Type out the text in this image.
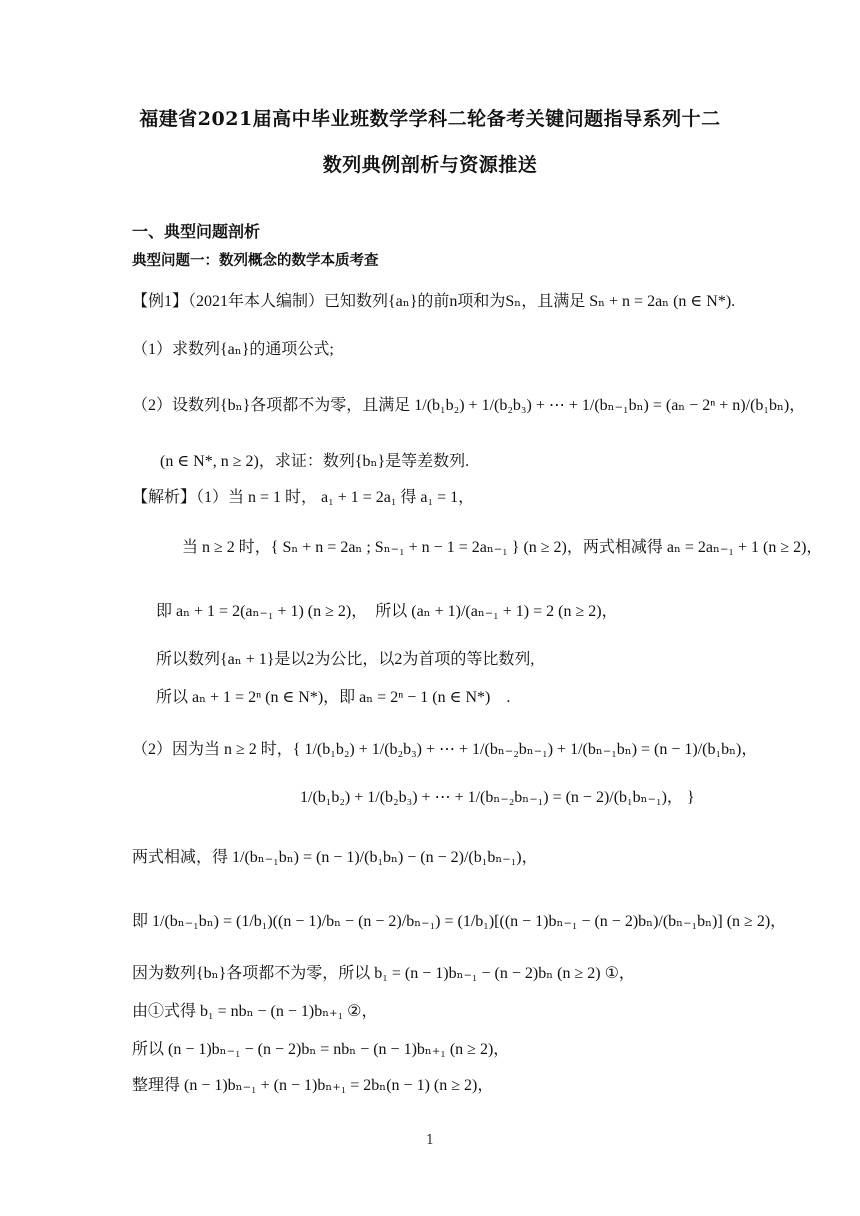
福建省2021届高中毕业班数学学科二轮备考关键问题指导系列十二
数列典例剖析与资源推送
一、典型问题剖析
典型问题一：数列概念的数学本质考查
【例1】（2021年本人编制）已知数列{aₙ}的前n项和为Sₙ，且满足 Sₙ + n = 2aₙ (n ∈ N*).
（1）求数列{aₙ}的通项公式;
（2）设数列{bₙ}各项都不为零，且满足 1/(b₁b₂) + 1/(b₂b₃) + ⋯ + 1/(bₙ₋₁bₙ) = (aₙ − 2ⁿ + n)/(b₁bₙ)，
(n ∈ N*, n ≥ 2)，求证：数列{bₙ}是等差数列.
【解析】（1）当 n = 1 时， a₁ + 1 = 2a₁ 得 a₁ = 1，
当 n ≥ 2 时，{ Sₙ + n = 2aₙ ; Sₙ₋₁ + n − 1 = 2aₙ₋₁ } (n ≥ 2)，两式相减得 aₙ = 2aₙ₋₁ + 1 (n ≥ 2)，
即 aₙ + 1 = 2(aₙ₋₁ + 1) (n ≥ 2)，　所以 (aₙ + 1)/(aₙ₋₁ + 1) = 2 (n ≥ 2)，
所以数列{aₙ + 1}是以2为公比，以2为首项的等比数列,
所以 aₙ + 1 = 2ⁿ (n ∈ N*)，即 aₙ = 2ⁿ − 1 (n ∈ N*)　.
（2）因为当 n ≥ 2 时，{ 1/(b₁b₂) + 1/(b₂b₃) + ⋯ + 1/(bₙ₋₂bₙ₋₁) + 1/(bₙ₋₁bₙ) = (n − 1)/(b₁bₙ)，
1/(b₁b₂) + 1/(b₂b₃) + ⋯ + 1/(bₙ₋₂bₙ₋₁) = (n − 2)/(b₁bₙ₋₁)， }
两式相减，得 1/(bₙ₋₁bₙ) = (n − 1)/(b₁bₙ) − (n − 2)/(b₁bₙ₋₁)，
即 1/(bₙ₋₁bₙ) = (1/b₁)((n − 1)/bₙ − (n − 2)/bₙ₋₁) = (1/b₁)[((n − 1)bₙ₋₁ − (n − 2)bₙ)/(bₙ₋₁bₙ)] (n ≥ 2)，
因为数列{bₙ}各项都不为零，所以 b₁ = (n − 1)bₙ₋₁ − (n − 2)bₙ (n ≥ 2) ①，
由①式得 b₁ = nbₙ − (n − 1)bₙ₊₁ ②，
所以 (n − 1)bₙ₋₁ − (n − 2)bₙ = nbₙ − (n − 1)bₙ₊₁ (n ≥ 2)，
整理得 (n − 1)bₙ₋₁ + (n − 1)bₙ₊₁ = 2bₙ(n − 1) (n ≥ 2)，
1
